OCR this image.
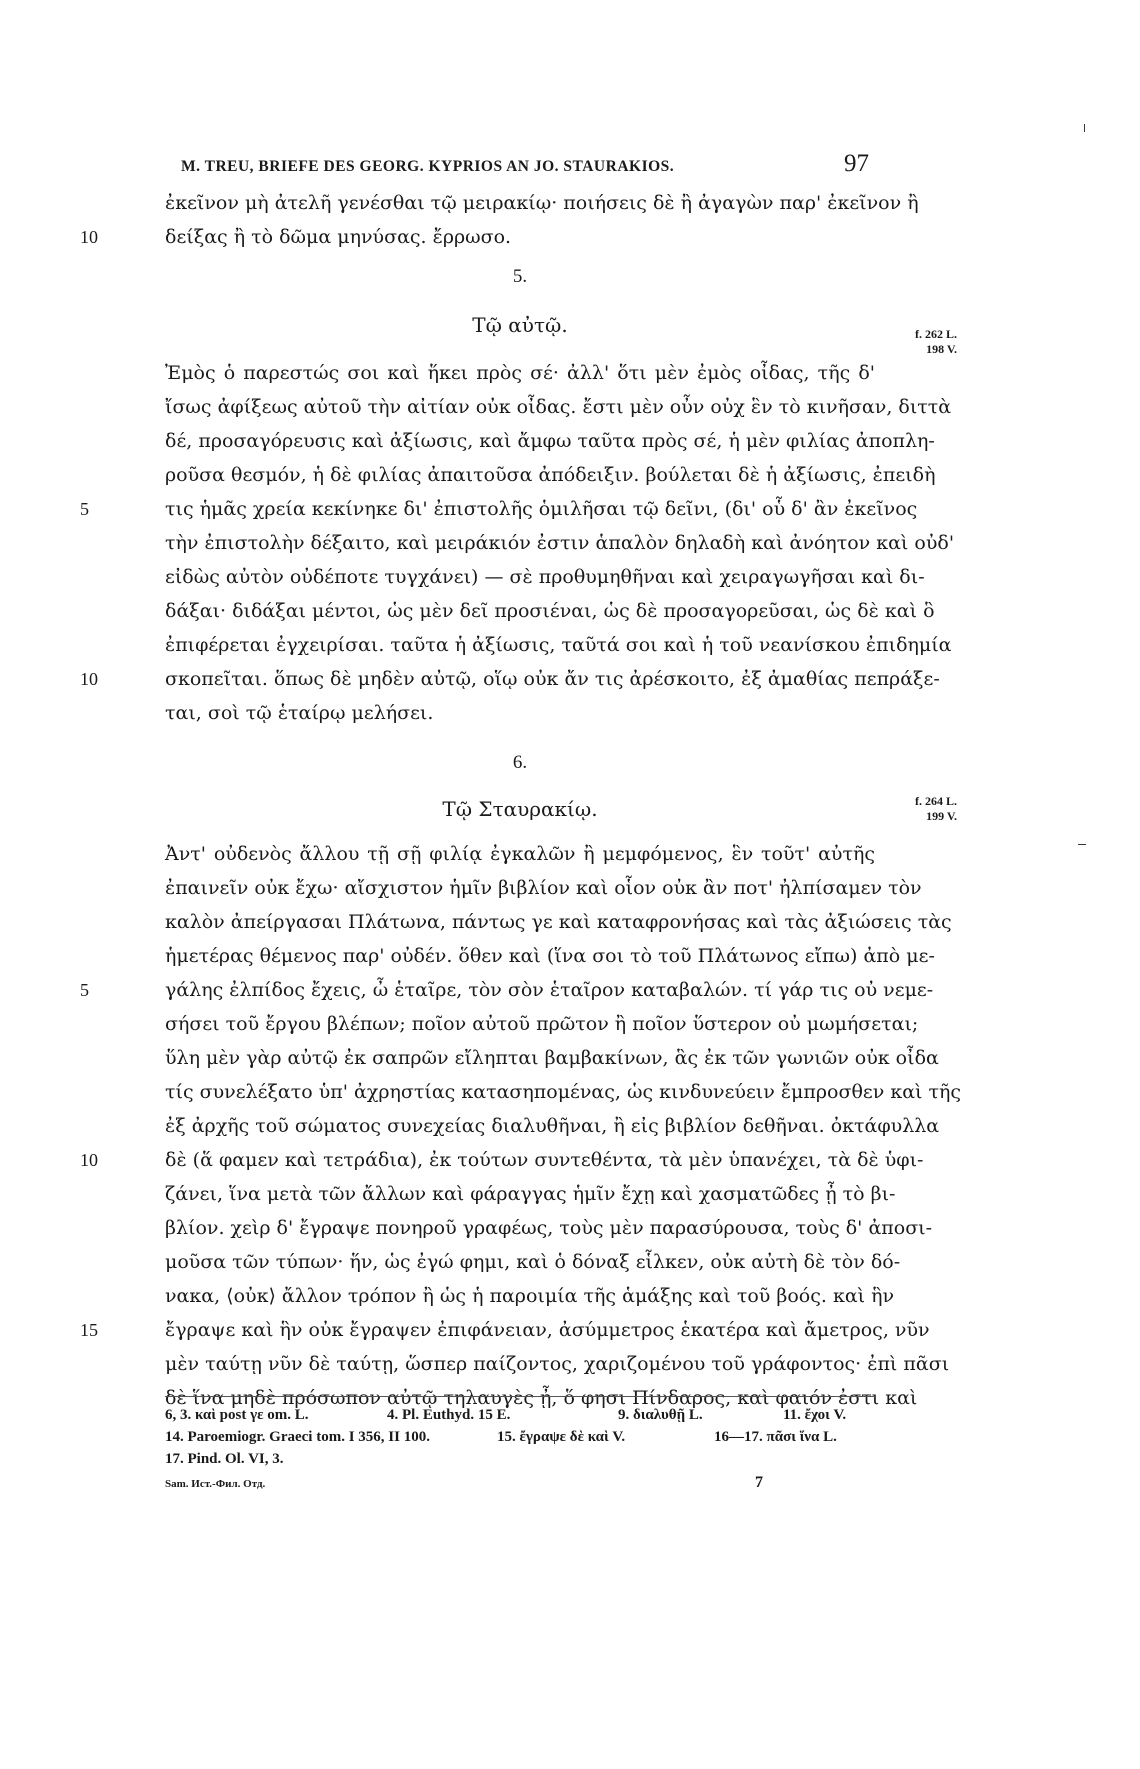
M. TREU, BRIEFE DES GEORG. KYPRIOS AN JO. STAURAKIOS.	97
ἐκεῖνον μὴ ἀτελῆ γενέσθαι τῷ μειρακίῳ· ποιήσεις δὲ ἢ ἀγαγὼν παρ' ἐκεῖνον ἢ
10	δείξας ἢ τὸ δῶμα μηνύσας. ἔρρωσο.
5.
Τῷ αὐτῷ.	f. 262 L.
198 V.
Ἐμὸς ὁ παρεστώς σοι καὶ ἥκει πρὸς σέ· ἀλλ' ὅτι μὲν ἐμὸς οἶδας, τῆς δ'
ἴσως ἀφίξεως αὐτοῦ τὴν αἰτίαν οὐκ οἶδας. ἔστι μὲν οὖν οὐχ ἓν τὸ κινῆσαν, διττὰ
δέ, προσαγόρευσις καὶ ἀξίωσις, καὶ ἄμφω ταῦτα πρὸς σέ, ἡ μὲν φιλίας ἀποπλη-
ροῦσα θεσμόν, ἡ δὲ φιλίας ἀπαιτοῦσα ἀπόδειξιν. βούλεται δὲ ἡ ἀξίωσις, ἐπειδὴ
5	τις ἡμᾶς χρεία κεκίνηκε δι' ἐπιστολῆς ὁμιλῆσαι τῷ δεῖνι, (δι' οὗ δ' ἂν ἐκεῖνος
τὴν ἐπιστολὴν δέξαιτο, καὶ μειράκιόν ἐστιν ἁπαλὸν δηλαδὴ καὶ ἀνόητον καὶ οὐδ'
εἰδὼς αὐτὸν οὐδέποτε τυγχάνει) — σὲ προθυμηθῆναι καὶ χειραγωγῆσαι καὶ δι-
δάξαι· διδάξαι μέντοι, ὡς μὲν δεῖ προσιέναι, ὡς δὲ προσαγορεῦσαι, ὡς δὲ καὶ ὃ
ἐπιφέρεται ἐγχειρίσαι. ταῦτα ἡ ἀξίωσις, ταῦτά σοι καὶ ἡ τοῦ νεανίσκου ἐπιδημία
10	σκοπεῖται. ὅπως δὲ μηδὲν αὐτῷ, οἵῳ οὐκ ἄν τις ἀρέσκοιτο, ἐξ ἀμαθίας πεπράξε-
ται, σοὶ τῷ ἑταίρῳ μελήσει.
6.
Τῷ Σταυρακίῳ.	f. 264 L.
199 V.
Ἀντ' οὐδενὸς ἄλλου τῇ σῇ φιλίᾳ ἐγκαλῶν ἢ μεμφόμενος, ἓν τοῦτ' αὐτῆς
ἐπαινεῖν οὐκ ἔχω· αἴσχιστον ἡμῖν βιβλίον καὶ οἷον οὐκ ἂν ποτ' ἠλπίσαμεν τὸν
καλὸν ἀπείργασαι Πλάτωνα, πάντως γε καὶ καταφρονήσας καὶ τὰς ἀξιώσεις τὰς
ἡμετέρας θέμενος παρ' οὐδέν. ὅθεν καὶ (ἵνα σοι τὸ τοῦ Πλάτωνος εἴπω) ἀπὸ με-
5	γάλης ἐλπίδος ἔχεις, ὦ ἑταῖρε, τὸν σὸν ἑταῖρον καταβαλών. τί γάρ τις οὐ νεμε-
σήσει τοῦ ἔργου βλέπων; ποῖον αὐτοῦ πρῶτον ἢ ποῖον ὕστερον οὐ μωμήσεται;
ὕλη μὲν γὰρ αὐτῷ ἐκ σαπρῶν εἴληπται βαμβακίνων, ἃς ἐκ τῶν γωνιῶν οὐκ οἶδα
τίς συνελέξατο ὑπ' ἀχρηστίας κατασηπομένας, ὡς κινδυνεύειν ἔμπροσθεν καὶ τῆς
ἐξ ἀρχῆς τοῦ σώματος συνεχείας διαλυθῆναι, ἢ εἰς βιβλίον δεθῆναι. ὀκτάφυλλα
10	δὲ (ἅ φαμεν καὶ τετράδια), ἐκ τούτων συντεθέντα, τὰ μὲν ὑπανέχει, τὰ δὲ ὑφι-
ζάνει, ἵνα μετὰ τῶν ἄλλων καὶ φάραγγας ἡμῖν ἔχῃ καὶ χασματῶδες ᾖ τὸ βι-
βλίον. χεὶρ δ' ἔγραψε πονηροῦ γραφέως, τοὺς μὲν παρασύρουσα, τοὺς δ' ἀποσι-
μοῦσα τῶν τύπων· ἥν, ὡς ἐγώ φημι, καὶ ὁ δόναξ εἷλκεν, οὐκ αὐτὴ δὲ τὸν δό-
νακα, ⟨οὐκ⟩ ἄλλον τρόπον ἢ ὡς ἡ παροιμία τῆς ἁμάξης καὶ τοῦ βοός. καὶ ἣν
15	ἔγραψε καὶ ἣν οὐκ ἔγραψεν ἐπιφάνειαν, ἀσύμμετρος ἑκατέρα καὶ ἄμετρος, νῦν
μὲν ταύτῃ νῦν δὲ ταύτῃ, ὥσπερ παίζοντος, χαριζομένου τοῦ γράφοντος· ἐπὶ πᾶσι
δὲ ἵνα μηδὲ πρόσωπον αὐτῷ τηλαυγὲς ᾖ, ὅ φησι Πίνδαρος, καὶ φαιόν ἐστι καὶ
6, 3. καὶ post γε om. L.	4. Pl. Euthyd. 15 E.	9. διαλυθῇ L.	11. ἔχοι V.
14. Paroemiogr. Graeci tom. I 356, II 100.	15. ἔγραψε δὲ καὶ V.	16—17. πᾶσι ἵνα L.
17. Pind. Ol. VI, 3.
Sam. Ист.-Фил. Отд.	7
